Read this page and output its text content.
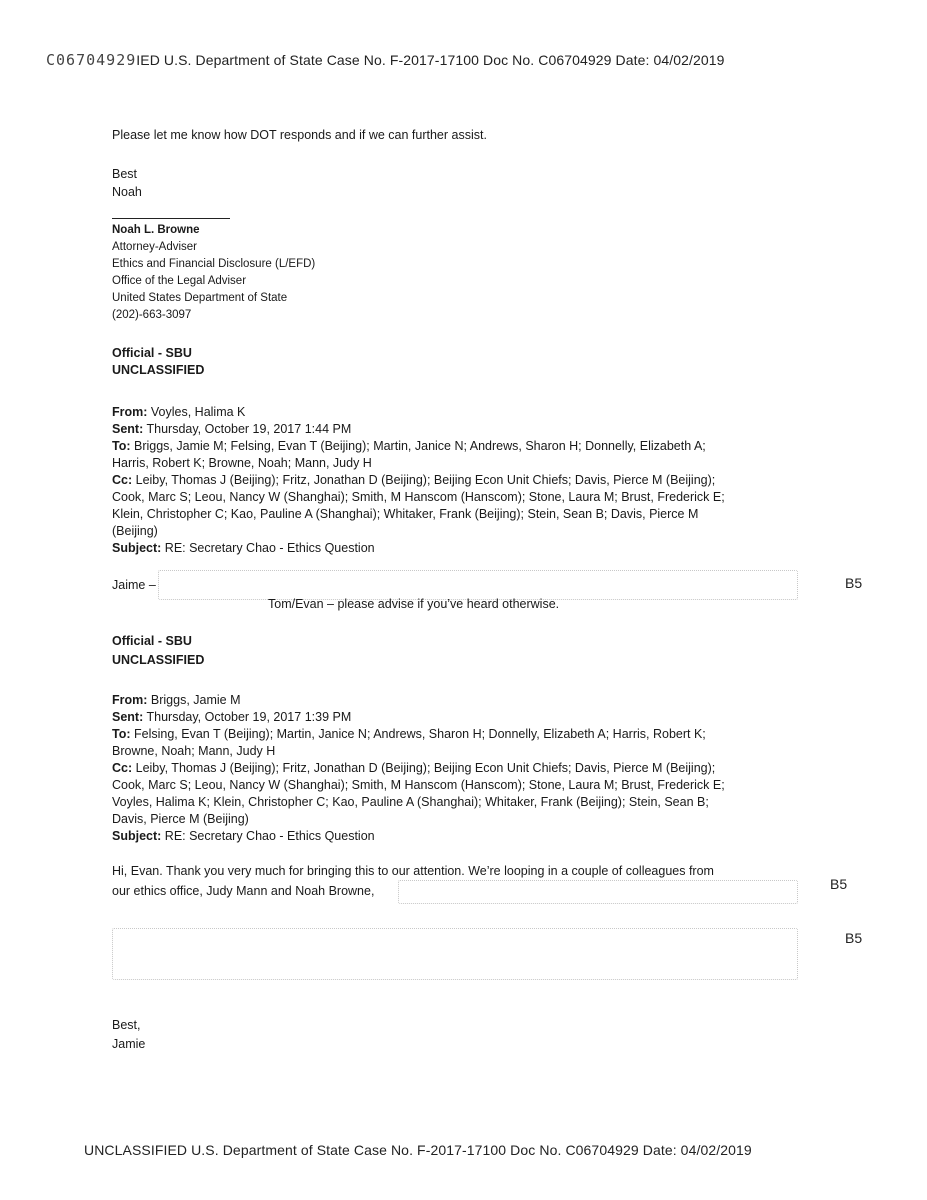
C06704929IED U.S. Department of State Case No. F-2017-17100 Doc No. C06704929 Date: 04/02/2019
Please let me know how DOT responds and if we can further assist.
Best
Noah
Noah L. Browne
Attorney-Adviser
Ethics and Financial Disclosure (L/EFD)
Office of the Legal Adviser
United States Department of State
(202)-663-3097
Official - SBU
UNCLASSIFIED
From: Voyles, Halima K
Sent: Thursday, October 19, 2017 1:44 PM
To: Briggs, Jamie M; Felsing, Evan T (Beijing); Martin, Janice N; Andrews, Sharon H; Donnelly, Elizabeth A;
Harris, Robert K; Browne, Noah; Mann, Judy H
Cc: Leiby, Thomas J (Beijing); Fritz, Jonathan D (Beijing); Beijing Econ Unit Chiefs; Davis, Pierce M (Beijing);
Cook, Marc S; Leou, Nancy W (Shanghai); Smith, M Hanscom (Hanscom); Stone, Laura M; Brust, Frederick E;
Klein, Christopher C; Kao, Pauline A (Shanghai); Whitaker, Frank (Beijing); Stein, Sean B; Davis, Pierce M
(Beijing)
Subject: RE: Secretary Chao - Ethics Question
Jaime –	B5
Tom/Evan – please advise if you’ve heard otherwise.
Official - SBU
UNCLASSIFIED
From: Briggs, Jamie M
Sent: Thursday, October 19, 2017 1:39 PM
To: Felsing, Evan T (Beijing); Martin, Janice N; Andrews, Sharon H; Donnelly, Elizabeth A; Harris, Robert K;
Browne, Noah; Mann, Judy H
Cc: Leiby, Thomas J (Beijing); Fritz, Jonathan D (Beijing); Beijing Econ Unit Chiefs; Davis, Pierce M (Beijing);
Cook, Marc S; Leou, Nancy W (Shanghai); Smith, M Hanscom (Hanscom); Stone, Laura M; Brust, Frederick E;
Voyles, Halima K; Klein, Christopher C; Kao, Pauline A (Shanghai); Whitaker, Frank (Beijing); Stein, Sean B;
Davis, Pierce M (Beijing)
Subject: RE: Secretary Chao - Ethics Question
Hi, Evan. Thank you very much for bringing this to our attention. We’re looping in a couple of colleagues from
our ethics office, Judy Mann and Noah Browne,	B5
B5
Best,
Jamie
UNCLASSIFIED U.S. Department of State Case No. F-2017-17100 Doc No. C06704929 Date: 04/02/2019
